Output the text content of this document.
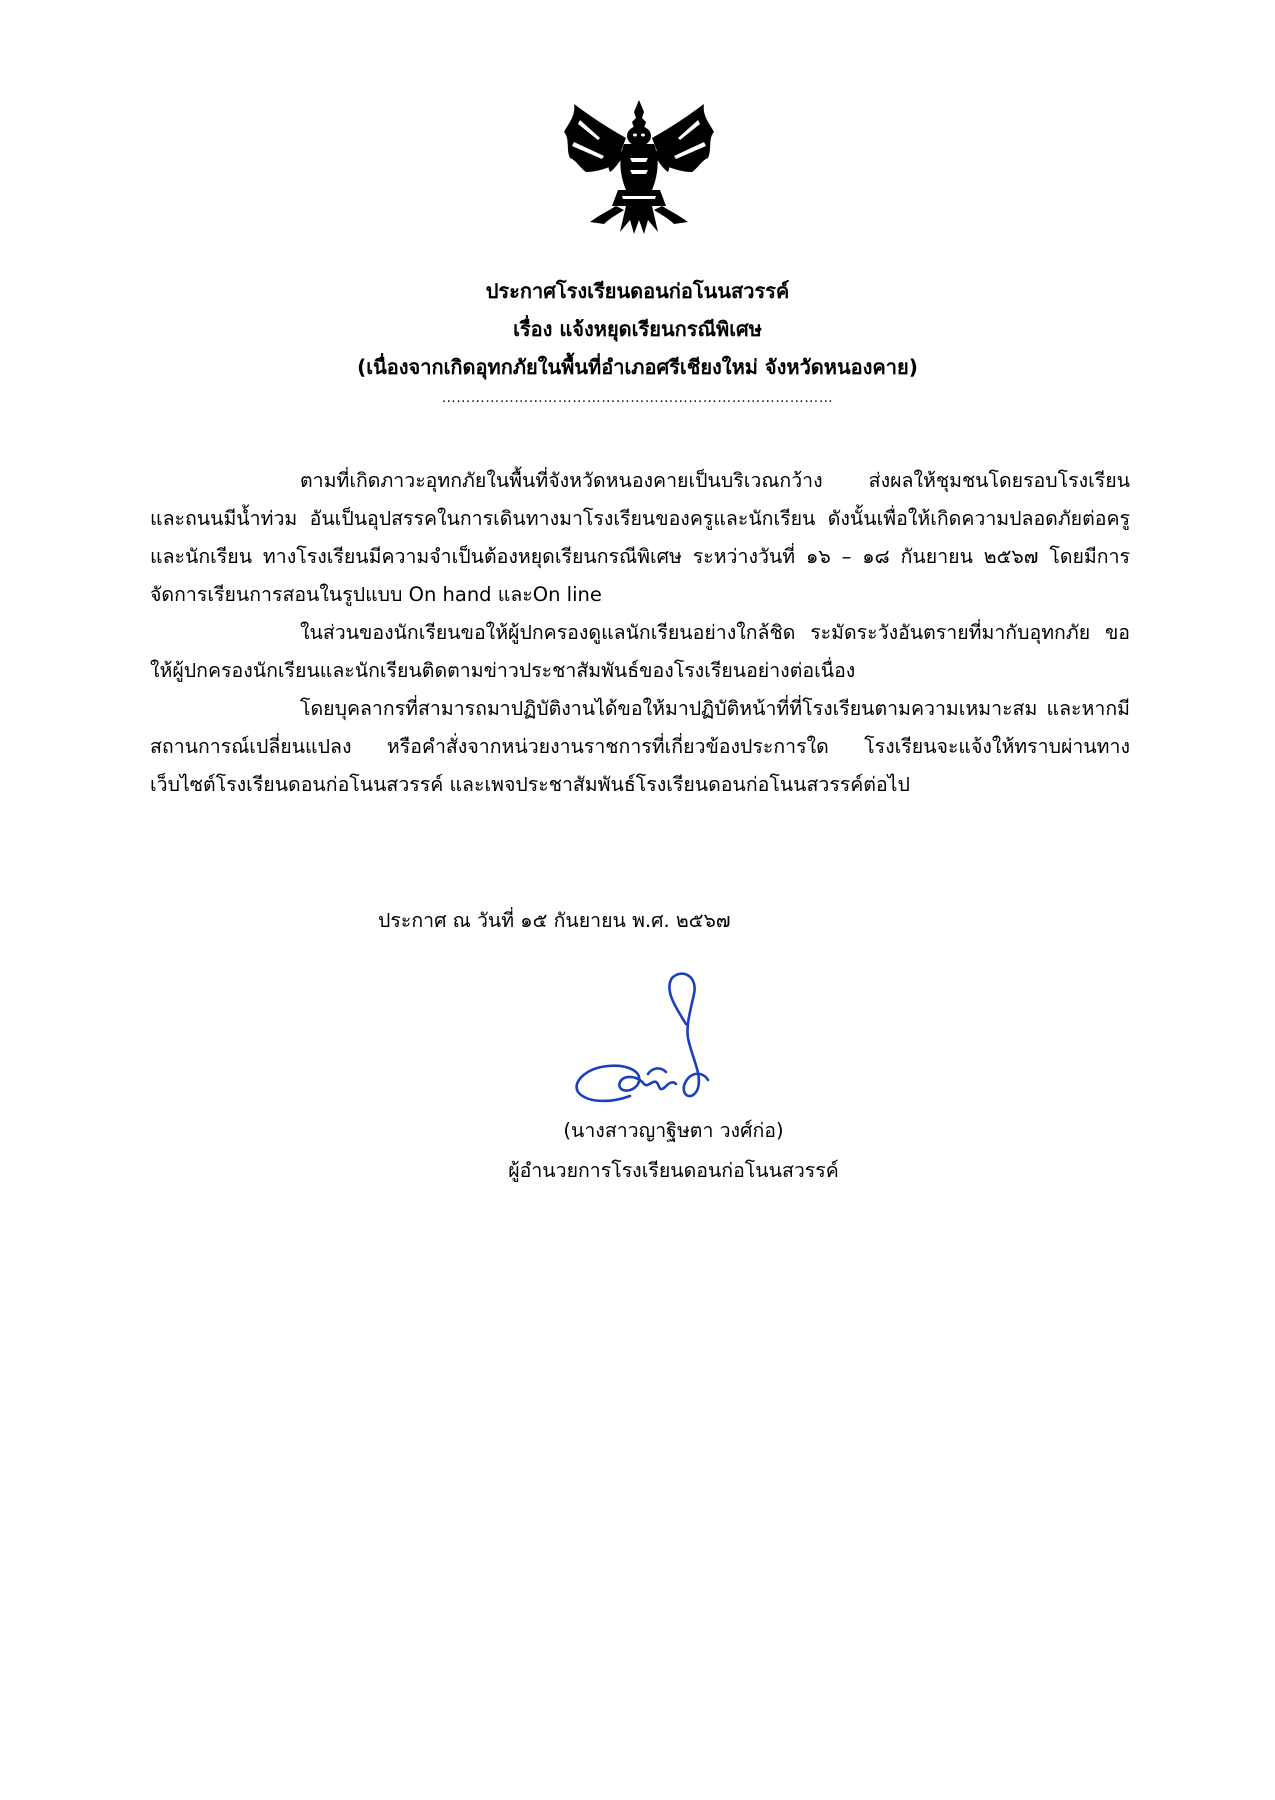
ประกาศโรงเรียนดอนก่อโนนสวรรค์
เรื่อง แจ้งหยุดเรียนกรณีพิเศษ
(เนื่องจากเกิดอุทกภัยในพื้นที่อำเภอศรีเชียงใหม่ จังหวัดหนองคาย)
………………………………………………………………………
ตามที่เกิดภาวะอุทกภัยในพื้นที่จังหวัดหนองคายเป็นบริเวณกว้าง ส่งผลให้ชุมชนโดยรอบโรงเรียน และถนนมีน้ำท่วม อันเป็นอุปสรรคในการเดินทางมาโรงเรียนของครูและนักเรียน ดังนั้นเพื่อให้เกิดความปลอดภัยต่อครูและนักเรียน ทางโรงเรียนมีความจำเป็นต้องหยุดเรียนกรณีพิเศษ ระหว่างวันที่ ๑๖ – ๑๘ กันยายน ๒๕๖๗ โดยมีการจัดการเรียนการสอนในรูปแบบ On hand และOn line
ในส่วนของนักเรียนขอให้ผู้ปกครองดูแลนักเรียนอย่างใกล้ชิด ระมัดระวังอันตรายที่มากับอุทกภัย ขอให้ผู้ปกครองนักเรียนและนักเรียนติดตามข่าวประชาสัมพันธ์ของโรงเรียนอย่างต่อเนื่อง
โดยบุคลากรที่สามารถมาปฏิบัติงานได้ขอให้มาปฏิบัติหน้าที่ที่โรงเรียนตามความเหมาะสม และหากมีสถานการณ์เปลี่ยนแปลง หรือคำสั่งจากหน่วยงานราชการที่เกี่ยวข้องประการใด โรงเรียนจะแจ้งให้ทราบผ่านทางเว็บไซต์โรงเรียนดอนก่อโนนสวรรค์ และเพจประชาสัมพันธ์โรงเรียนดอนก่อโนนสวรรค์ต่อไป
ประกาศ ณ วันที่ ๑๕ กันยายน พ.ศ. ๒๕๖๗
(นางสาวญาฐิษตา วงศ์ก่อ)
ผู้อำนวยการโรงเรียนดอนก่อโนนสวรรค์
